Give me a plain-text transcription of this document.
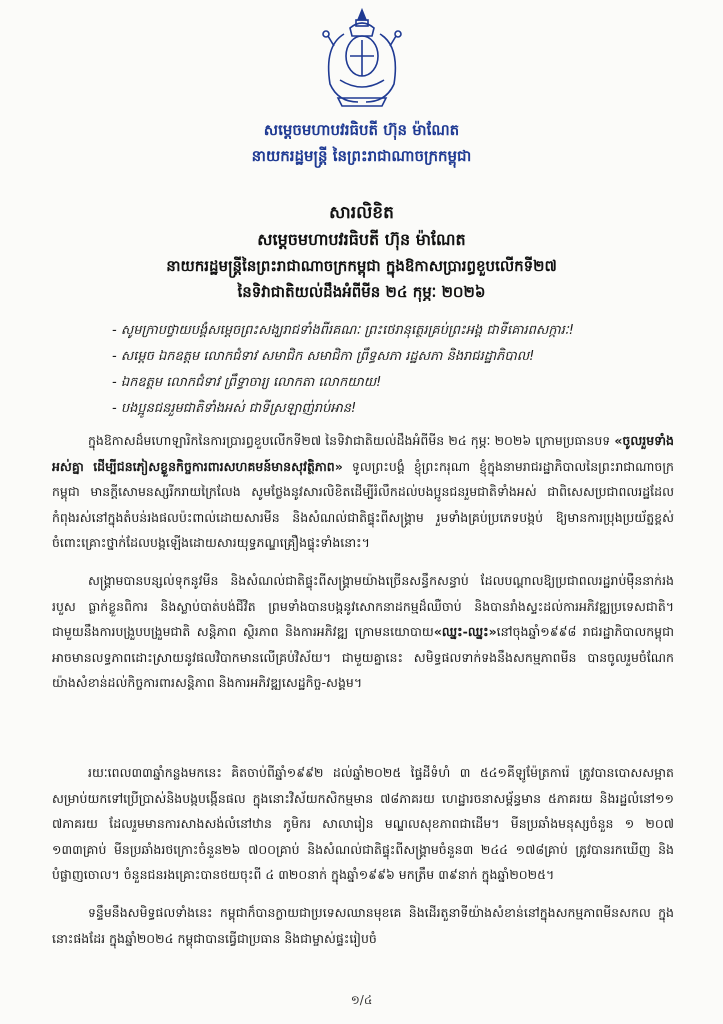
សម្តេចមហាបវរធិបតី ហ៊ុន ម៉ាណែត
នាយករដ្ឋមន្ត្រី នៃព្រះរាជាណាចក្រកម្ពុជា
សារលិខិត
សម្តេចមហាបវរធិបតី ហ៊ុន ម៉ាណែត
នាយករដ្ឋមន្ត្រីនៃព្រះរាជាណាចក្រកម្ពុជា ក្នុងឱកាសប្រារព្ធខួបលើកទី២៧
នៃទិវាជាតិយល់ដឹងអំពីមីន ២៤ កុម្ភៈ ២០២៦
- សូមក្រាបថ្វាយបង្គំសម្តេចព្រះសង្ឃរាជទាំងពីរគណៈ ព្រះថេរានុត្ថេរគ្រប់ព្រះអង្គ ជាទីគោរពសក្ការៈ!
- សម្តេច ឯកឧត្តម លោកជំទាវ សមាជិក សមាជិកា ព្រឹទ្ធសភា រដ្ឋសភា និងរាជរដ្ឋាភិបាល!
- ឯកឧត្តម លោកជំទាវ ព្រឹទ្ធាចារ្យ លោកតា លោកយាយ!
- បងប្អូនជនរួមជាតិទាំងអស់ ជាទីស្រឡាញ់រាប់អាន!

ក្នុងឱកាសដ៏មហោឡារិកនៃការប្រារព្ធខួបលើកទី២៧ នៃទិវាជាតិយល់ដឹងអំពីមីន ២៤ កុម្ភៈ ២០២៦ ក្រោមប្រធានបទ «ចូលរួមទាំងអស់គ្នា ដើម្បីជនភៀសខ្លួនកិច្ចការពារសហគមន៍មានសុវត្ថិភាព» ទូលព្រះបង្គំ ខ្ញុំព្រះករុណា ខ្ញុំក្នុងនាមរាជរដ្ឋាភិបាលនៃព្រះរាជាណាចក្រកម្ពុជា មានក្តីសោមនស្សរីករាយក្រៃលែង សូមថ្លែងនូវសារលិខិតដើម្បីរំលឹកដល់បងប្អូនជនរួមជាតិទាំងអស់ ជាពិសេសប្រជាពលរដ្ឋដែលកំពុងរស់នៅក្នុងតំបន់រងផលប៉ះពាល់ដោយសារមីន និងសំណល់ជាតិផ្ទុះពីសង្គ្រាម រួមទាំងគ្រប់ប្រភេទបង្កប់ ឱ្យមានការប្រុងប្រយ័ត្នខ្ពស់ចំពោះគ្រោះថ្នាក់ដែលបង្កឡើងដោយសារយុទ្ធភណ្ឌគ្រឿងផ្ទុះទាំងនោះ។

សង្គ្រាមបានបន្សល់ទុកនូវមីន និងសំណល់ជាតិផ្ទុះពីសង្គ្រាមយ៉ាងច្រើនសន្ធឹកសន្ធាប់ ដែលបណ្តាលឱ្យប្រជាពលរដ្ឋរាប់ម៉ឺននាក់រងរបួស ធ្លាក់ខ្លួនពិការ និងស្លាប់បាត់បង់ជីវិត ព្រមទាំងបានបង្កនូវសោកនាដកម្មដ៏ឈឺចាប់ និងបានរាំងស្ទះដល់ការអភិវឌ្ឍប្រទេសជាតិ។ ជាមួយនឹងការបង្រួបបង្រួមជាតិ សន្តិភាព ស្ថិរភាព និងការអភិវឌ្ឍ ក្រោមនយោបាយ«ឈ្នះ-ឈ្នះ»នៅចុងឆ្នាំ១៩៩៨ រាជរដ្ឋាភិបាលកម្ពុជាអាចមានលទ្ធភាពដោះស្រាយនូវផលវិបាកមានលើគ្រប់វិស័យ។ ជាមួយគ្នានេះ សមិទ្ធផលទាក់ទងនឹងសកម្មភាពមីន បានចូលរួមចំណែកយ៉ាងសំខាន់ដល់កិច្ចការពារសន្តិភាព និងការអភិវឌ្ឍសេដ្ឋកិច្ច-សង្គម។

រយៈពេល៣៣ឆ្នាំកន្លងមកនេះ គិតចាប់ពីឆ្នាំ១៩៩២ ដល់ឆ្នាំ២០២៥ ផ្ទៃដីទំហំ ៣ ៥៤១គីឡូម៉ែត្រការ៉េ ត្រូវបានបោសសម្អាតសម្រាប់យកទៅប្រើប្រាស់និងបង្កបង្កើនផល ក្នុងនោះវិស័យកសិកម្មមាន ៧៨ភាគរយ ហេដ្ឋារចនាសម្ព័ន្ធមាន ៥ភាគរយ និងរដ្ឋលំនៅ១១ ៧ភាគរយ ដែលរួមមានការសាងសង់លំនៅឋាន ភូមិករ សាលារៀន មណ្ឌលសុខភាពជាដើម។ មីនប្រឆាំងមនុស្សចំនួន ១ ២០៧ ១៣៣គ្រាប់ មីនប្រឆាំងរថក្រោះចំនួន២៦ ៧០០គ្រាប់ និងសំណល់ជាតិផ្ទុះពីសង្គ្រាមចំនួន៣ ២៤៤ ១៧៨គ្រាប់ ត្រូវបានរកឃើញ និងបំផ្លាញចោល។ ចំនួនជនរងគ្រោះបានថយចុះពី ៤ ៣២០នាក់ ក្នុងឆ្នាំ១៩៩៦ មកត្រឹម ៣៩នាក់ ក្នុងឆ្នាំ២០២៥។

ទន្ទឹមនឹងសមិទ្ធផលទាំងនេះ កម្ពុជាក៏បានក្លាយជាប្រទេសឈានមុខគេ និងដើរតួនាទីយ៉ាងសំខាន់នៅក្នុងសកម្មភាពមីនសកល ក្នុងនោះផងដែរ ក្នុងឆ្នាំ២០២៤ កម្ពុជាបានធ្វើជាប្រធាន និងជាម្ចាស់ផ្ទះរៀបចំ

១/៤
